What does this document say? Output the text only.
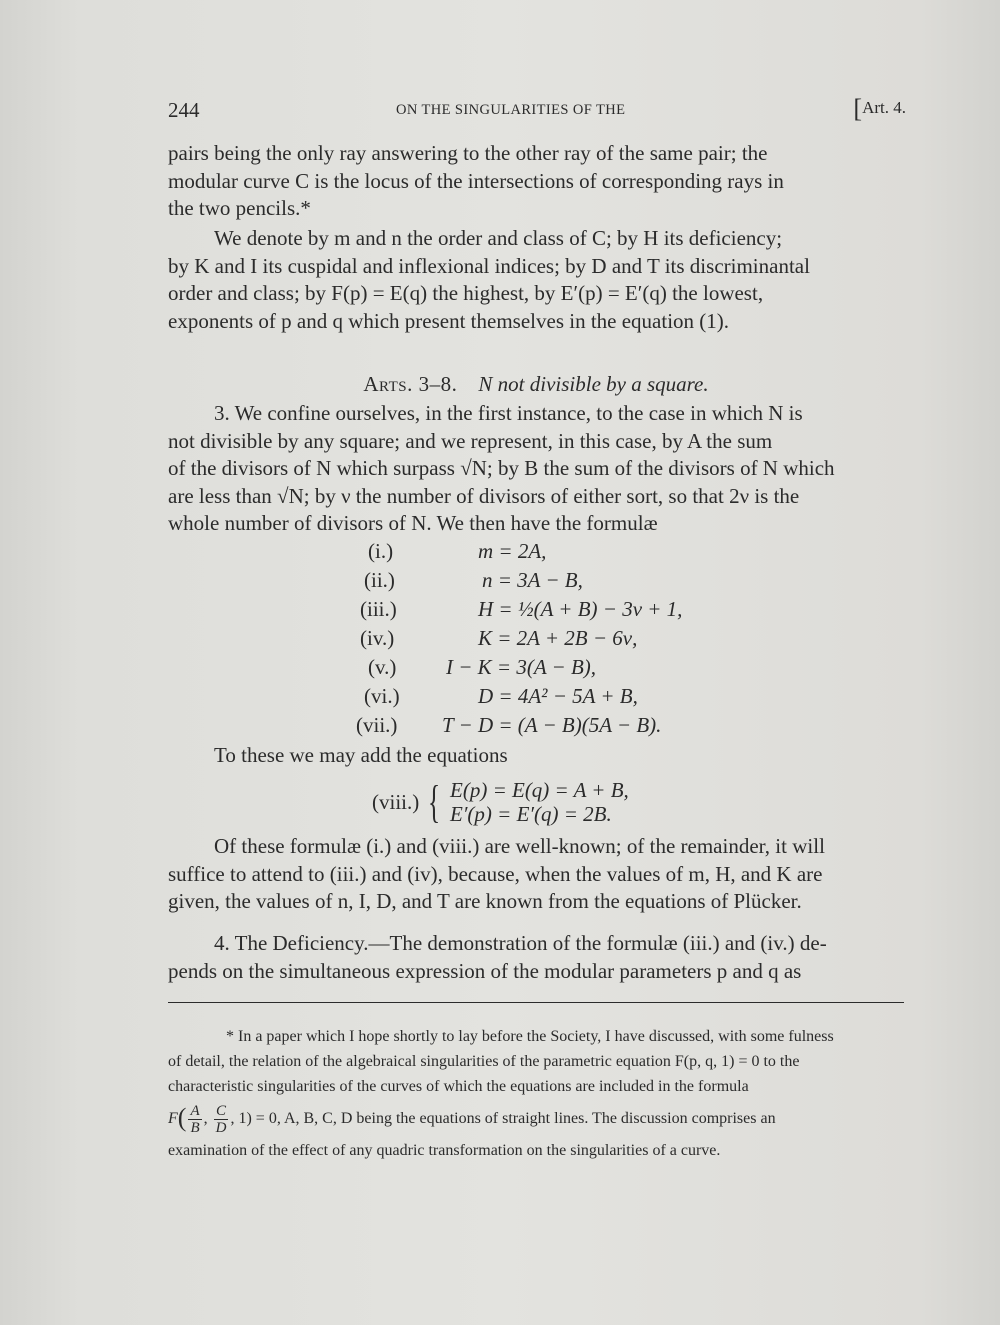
244	ON THE SINGULARITIES OF THE	[Art. 4.
pairs being the only ray answering to the other ray of the same pair; the
modular curve C is the locus of the intersections of corresponding rays in
the two pencils.*
We denote by m and n the order and class of C; by H its deficiency;
by K and I its cuspidal and inflexional indices; by D and T its discriminantal
order and class; by F(p) = E(q) the highest, by E′(p) = E′(q) the lowest,
exponents of p and q which present themselves in the equation (1).
Arts. 3–8. N not divisible by a square.
3. We confine ourselves, in the first instance, to the case in which N is
not divisible by any square; and we represent, in this case, by A the sum
of the divisors of N which surpass √N; by B the sum of the divisors of N which
are less than √N; by ν the number of divisors of either sort, so that 2ν is the
whole number of divisors of N. We then have the formulæ
(i.)	m = 2A,
(ii.)	n = 3A − B,
(iii.)	H = ½(A + B) − 3ν + 1,
(iv.)	K = 2A + 2B − 6ν,
(v.) I − K = 3(A − B),
(vi.)	D = 4A² − 5A + B,
(vii.) T − D = (A − B)(5A − B).
To these we may add the equations
(viii.) { E(p) = E(q) = A + B,
E′(p) = E′(q) = 2B.
Of these formulæ (i.) and (viii.) are well-known; of the remainder, it will
suffice to attend to (iii.) and (iv), because, when the values of m, H, and K are
given, the values of n, I, D, and T are known from the equations of Plücker.
4. The Deficiency.—The demonstration of the formulæ (iii.) and (iv.) de-
pends on the simultaneous expression of the modular parameters p and q as
* In a paper which I hope shortly to lay before the Society, I have discussed, with some fulness
of detail, the relation of the algebraical singularities of the parametric equation F(p, q, 1) = 0 to the
characteristic singularities of the curves of which the equations are included in the formula
$F( \frac{A}{B}$ , $\frac{C}{D}$ , 1) = 0, A, B, C, D being the equations of straight lines. The discussion comprises an
examination of the effect of any quadric transformation on the singularities of a curve.
